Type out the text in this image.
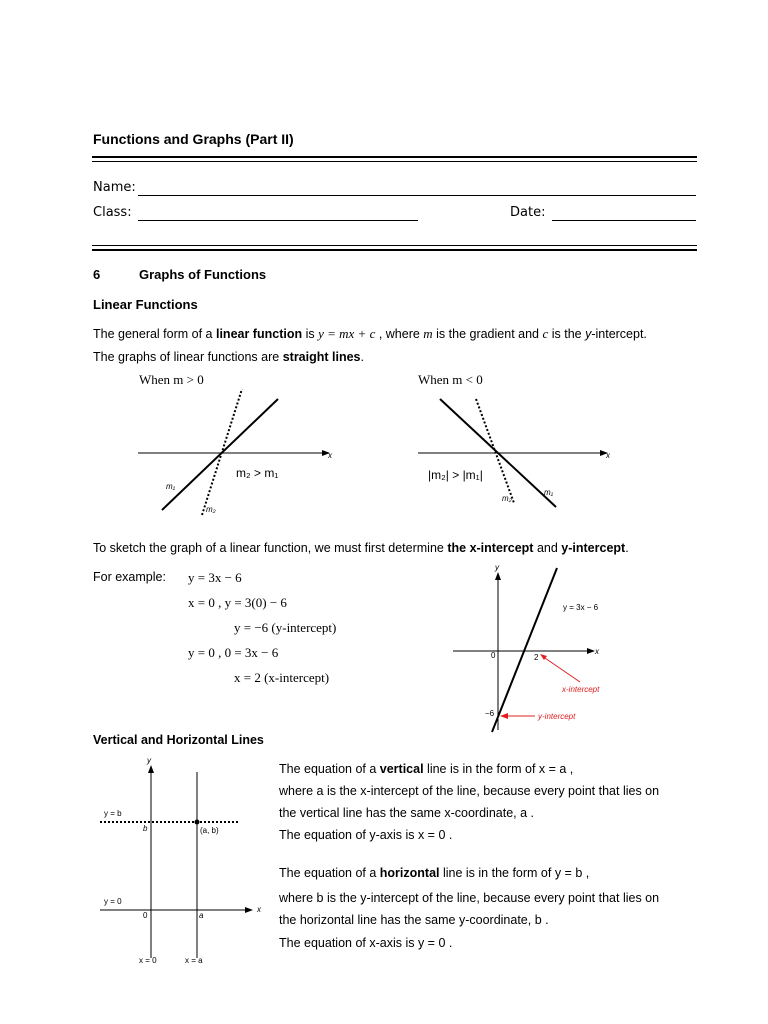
Functions and Graphs (Part II)
Name:
Class:	Date:
6	Graphs of Functions
Linear Functions
The general form of a linear function is y = mx + c , where m is the gradient and c is the y-intercept.
The graphs of linear functions are straight lines.
When m > 0
x
m₂ > m₁
m₁
m₂
When m < 0
x
|m₂| > |m₁|
m₁
m₂
To sketch the graph of a linear function, we must first determine the x-intercept and y-intercept.
For example: y = 3x − 6
x = 0 , y = 3(0) − 6
y = −6 (y-intercept)
y = 0 , 0 = 3x − 6
x = 2 (x-intercept)
y
x
y = 3x − 6
0	2
−6
x-intercept
y-intercept
Vertical and Horizontal Lines
y
x
y = b
b	(a, b)
y = 0
0	a
x = 0	x = a
The equation of a vertical line is in the form of x = a ,
where a is the x-intercept of the line, because every point that lies on
the vertical line has the same x-coordinate, a .
The equation of y-axis is x = 0 .
The equation of a horizontal line is in the form of y = b ,
where b is the y-intercept of the line, because every point that lies on
the horizontal line has the same y-coordinate, b .
The equation of x-axis is y = 0 .
